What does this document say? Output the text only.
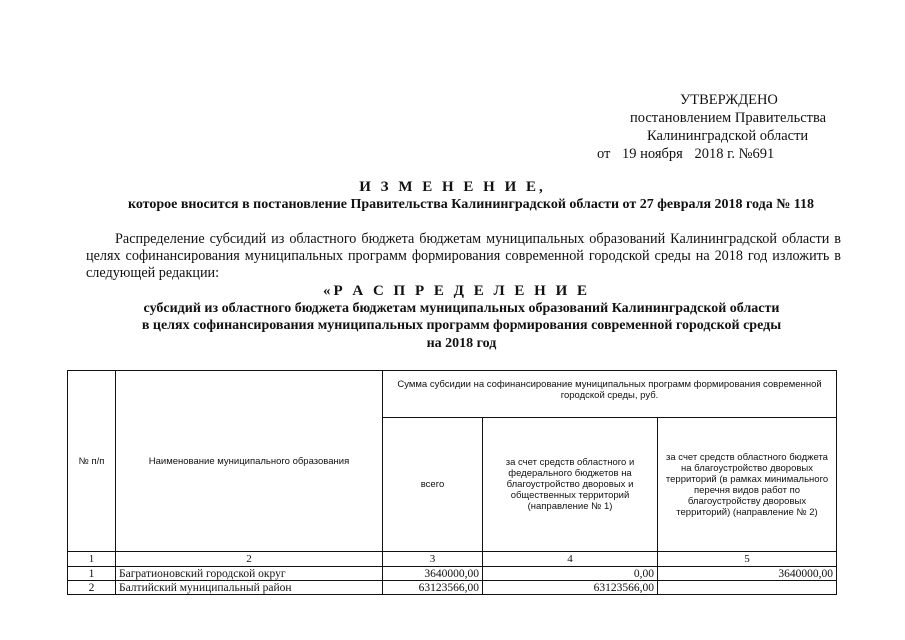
УТВЕРЖДЕНО
постановлением Правительства
Калининградской области
от 19 ноября 2018 г. №691
И З М Е Н Е Н И Е,
которое вносится в постановление Правительства Калининградской области от 27 февраля 2018 года № 118
Распределение субсидий из областного бюджета бюджетам муниципальных образований Калининградской области в целях софинансирования муниципальных программ формирования современной городской среды на 2018 год изложить в следующей редакции:
«Р А С П Р Е Д Е Л Е Н И Е
субсидий из областного бюджета бюджетам муниципальных образований Калининградской области
в целях софинансирования муниципальных программ формирования современной городской среды
на 2018 год
№ п/п	Наименование муниципального образования	Сумма субсидии на софинансирование муниципальных программ формирования современной городской среды, руб.		
		всего	за счет средств областного и федерального бюджетов на благоустройство дворовых и общественных территорий (направление № 1)	за счет средств областного бюджета на благоустройство дворовых территорий (в рамках минимального перечня видов работ по благоустройству дворовых территорий) (направление № 2)
1	2	3	4	5
1	Багратионовский городской округ	3640000,00	0,00	3640000,00
2	Балтийский муниципальный район	63123566,00	63123566,00	
